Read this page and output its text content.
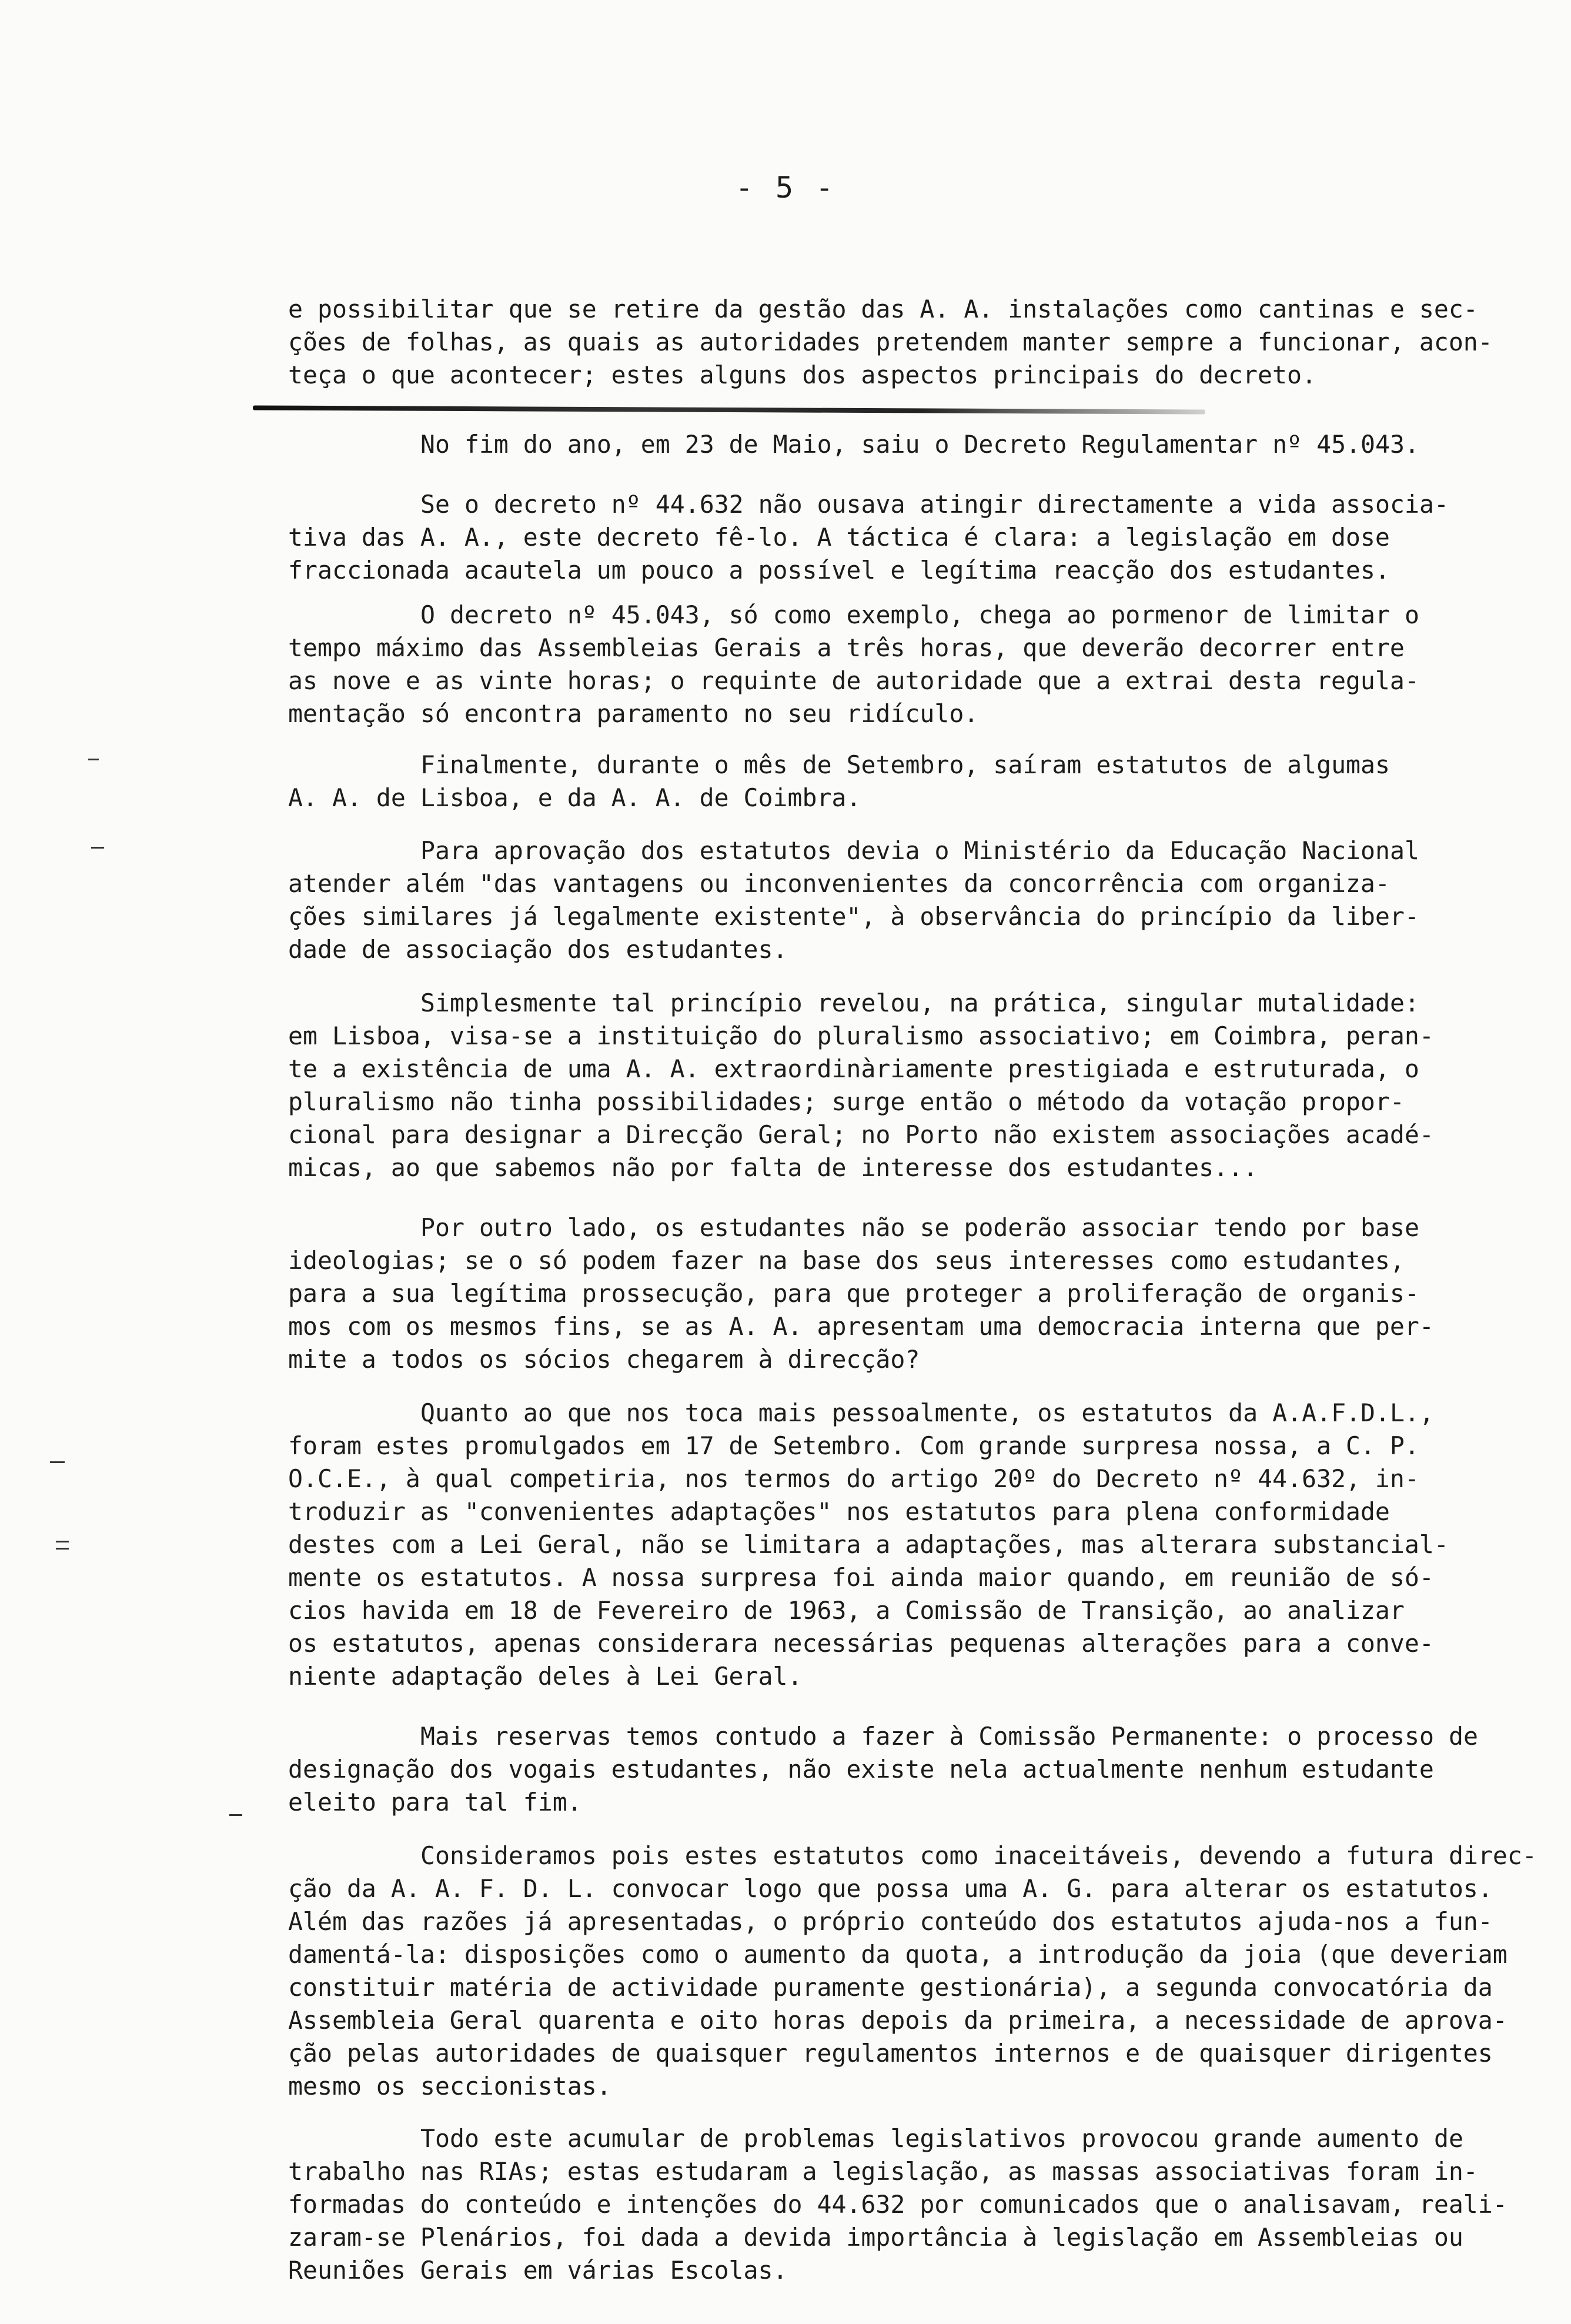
- 5 -
e possibilitar que se retire da gestão das A. A. instalações como cantinas e sec-
ções de folhas, as quais as autoridades pretendem manter sempre a funcionar, acon-
teça o que acontecer; estes alguns dos aspectos principais do decreto.
No fim do ano, em 23 de Maio, saiu o Decreto Regulamentar nº 45.043.
Se o decreto nº 44.632 não ousava atingir directamente a vida associa-
tiva das A. A., este decreto fê-lo. A táctica é clara: a legislação em dose
fraccionada acautela um pouco a possível e legítima reacção dos estudantes.
O decreto nº 45.043, só como exemplo, chega ao pormenor de limitar o
tempo máximo das Assembleias Gerais a três horas, que deverão decorrer entre
as nove e as vinte horas; o requinte de autoridade que a extrai desta regula-
mentação só encontra paramento no seu ridículo.
Finalmente, durante o mês de Setembro, saíram estatutos de algumas
A. A. de Lisboa, e da A. A. de Coimbra.
Para aprovação dos estatutos devia o Ministério da Educação Nacional
atender além "das vantagens ou inconvenientes da concorrência com organiza-
ções similares já legalmente existente", à observância do princípio da liber-
dade de associação dos estudantes.
Simplesmente tal princípio revelou, na prática, singular mutalidade:
em Lisboa, visa-se a instituição do pluralismo associativo; em Coimbra, peran-
te a existência de uma A. A. extraordinàriamente prestigiada e estruturada, o
pluralismo não tinha possibilidades; surge então o método da votação propor-
cional para designar a Direcção Geral; no Porto não existem associações acadé-
micas, ao que sabemos não por falta de interesse dos estudantes...
Por outro lado, os estudantes não se poderão associar tendo por base
ideologias; se o só podem fazer na base dos seus interesses como estudantes,
para a sua legítima prossecução, para que proteger a proliferação de organis-
mos com os mesmos fins, se as A. A. apresentam uma democracia interna que per-
mite a todos os sócios chegarem à direcção?
Quanto ao que nos toca mais pessoalmente, os estatutos da A.A.F.D.L.,
foram estes promulgados em 17 de Setembro. Com grande surpresa nossa, a C. P.
O.C.E., à qual competiria, nos termos do artigo 20º do Decreto nº 44.632, in-
troduzir as "convenientes adaptações" nos estatutos para plena conformidade
destes com a Lei Geral, não se limitara a adaptações, mas alterara substancial-
mente os estatutos. A nossa surpresa foi ainda maior quando, em reunião de só-
cios havida em 18 de Fevereiro de 1963, a Comissão de Transição, ao analizar
os estatutos, apenas considerara necessárias pequenas alterações para a conve-
niente adaptação deles à Lei Geral.
Mais reservas temos contudo a fazer à Comissão Permanente: o processo de
designação dos vogais estudantes, não existe nela actualmente nenhum estudante
eleito para tal fim.
Consideramos pois estes estatutos como inaceitáveis, devendo a futura direc-
ção da A. A. F. D. L. convocar logo que possa uma A. G. para alterar os estatutos.
Além das razões já apresentadas, o próprio conteúdo dos estatutos ajuda-nos a fun-
damentá-la: disposições como o aumento da quota, a introdução da joia (que deveriam
constituir matéria de actividade puramente gestionária), a segunda convocatória da
Assembleia Geral quarenta e oito horas depois da primeira, a necessidade de aprova-
ção pelas autoridades de quaisquer regulamentos internos e de quaisquer dirigentes
mesmo os seccionistas.
Todo este acumular de problemas legislativos provocou grande aumento de
trabalho nas RIAs; estas estudaram a legislação, as massas associativas foram in-
formadas do conteúdo e intenções do 44.632 por comunicados que o analisavam, reali-
zaram-se Plenários, foi dada a devida importância à legislação em Assembleias ou
Reuniões Gerais em várias Escolas.
